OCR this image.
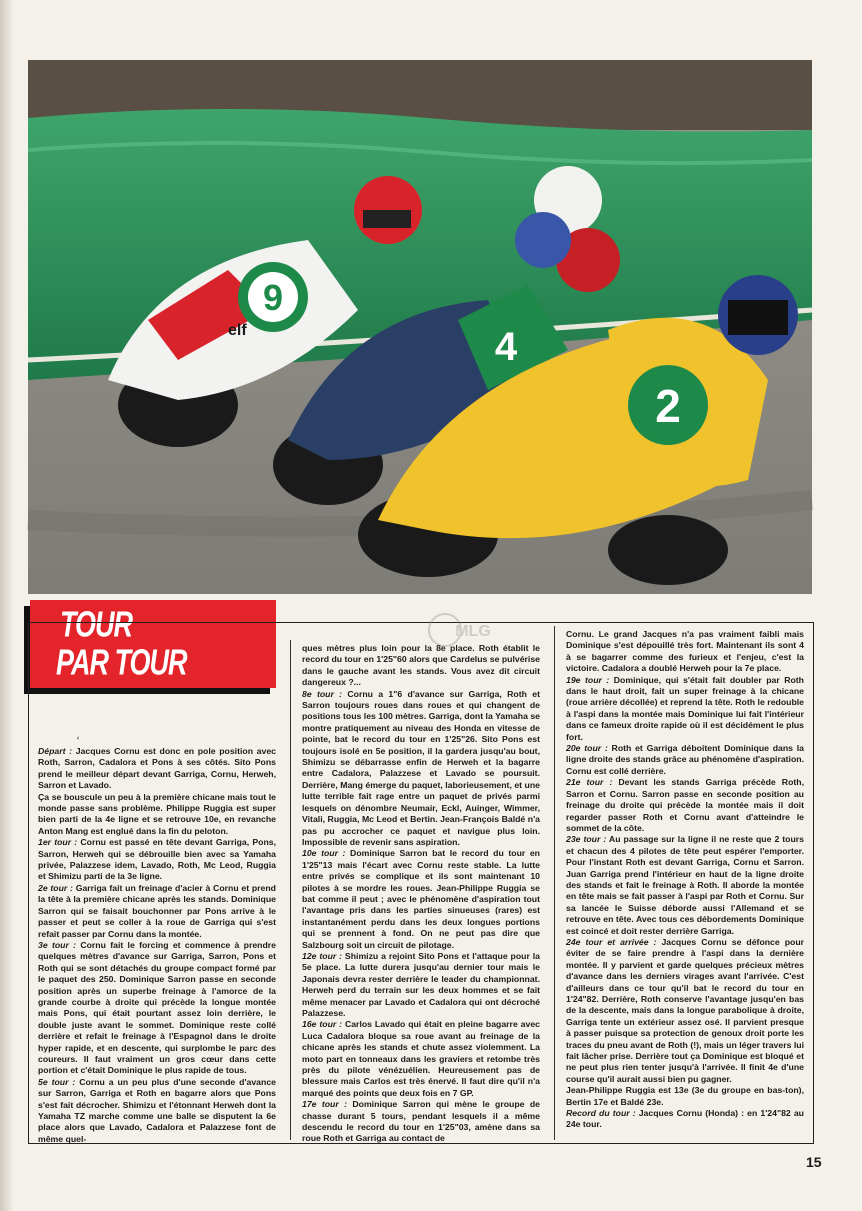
9
elf	4
2
TOUR
PAR TOUR
MLG
‘

Départ : Jacques Cornu est donc en pole position avec Roth, Sarron, Cadalora et Pons à ses côtés. Sito Pons prend le meilleur départ devant Garriga, Cornu, Herweh, Sarron et Lavado.

Ça se bouscule un peu à la première chicane mais tout le monde passe sans problème. Philippe Ruggia est super bien parti de la 4e ligne et se retrouve 10e, en revanche Anton Mang est englué dans la fin du peloton.

1er tour : Cornu est passé en tête devant Garriga, Pons, Sarron, Herweh qui se débrouille bien avec sa Yamaha privée, Palazzese idem, Lavado, Roth, Mc Leod, Ruggia et Shimizu parti de la 3e ligne.

2e tour : Garriga fait un freinage d'acier à Cornu et prend la tête à la première chicane après les stands. Dominique Sarron qui se faisait bouchonner par Pons arrive à le passer et peut se coller à la roue de Garriga qui s'est refait passer par Cornu dans la montée.

3e tour : Cornu fait le forcing et commence à prendre quelques mètres d'avance sur Garriga, Sarron, Pons et Roth qui se sont détachés du groupe compact formé par le paquet des 250. Dominique Sarron passe en seconde position après un superbe freinage à l'amorce de la grande courbe à droite qui précède la longue montée mais Pons, qui était pourtant assez loin derrière, le double juste avant le sommet. Dominique reste collé derrière et refait le freinage à l'Espagnol dans le droite hyper rapide, et en descente, qui surplombe le parc des coureurs. Il faut vraiment un gros cœur dans cette portion et c'était Dominique le plus rapide de tous.

5e tour : Cornu a un peu plus d'une seconde d'avance sur Sarron, Garriga et Roth en bagarre alors que Pons s'est fait décrocher. Shimizu et l'étonnant Herweh dont la Yamaha TZ marche comme une balle se disputent la 6e place alors que Lavado, Cadalora et Palazzese font de même quel-

ques mètres plus loin pour la 8e place. Roth établit le record du tour en 1'25"60 alors que Cardelus se pulvérise dans le gauche avant les stands. Vous avez dit circuit dangereux ?...

8e tour : Cornu a 1"6 d'avance sur Garriga, Roth et Sarron toujours roues dans roues et qui changent de positions tous les 100 mètres. Garriga, dont la Yamaha se montre pratiquement au niveau des Honda en vitesse de pointe, bat le record du tour en 1'25"26. Sito Pons est toujours isolé en 5e position, il la gardera jusqu'au bout, Shimizu se débarrasse enfin de Herweh et la bagarre entre Cadalora, Palazzese et Lavado se poursuit. Derrière, Mang émerge du paquet, laborieusement, et une lutte terrible fait rage entre un paquet de privés parmi lesquels on dénombre Neumair, Eckl, Auinger, Wimmer, Vitali, Ruggia, Mc Leod et Bertin. Jean-François Baldé n'a pas pu accrocher ce paquet et navigue plus loin. Impossible de revenir sans aspiration.

10e tour : Dominique Sarron bat le record du tour en 1'25"13 mais l'écart avec Cornu reste stable. La lutte entre privés se complique et ils sont maintenant 10 pilotes à se mordre les roues. Jean-Philippe Ruggia se bat comme il peut ; avec le phénomène d'aspiration tout l'avantage pris dans les parties sinueuses (rares) est instantanément perdu dans les deux longues portions qui se prennent à fond. On ne peut pas dire que Salzbourg soit un circuit de pilotage.

12e tour : Shimizu a rejoint Sito Pons et l'attaque pour la 5e place. La lutte durera jusqu'au dernier tour mais le Japonais devra rester derrière le leader du championnat. Herweh perd du terrain sur les deux hommes et se fait même menacer par Lavado et Cadalora qui ont décroché Palazzese.

16e tour : Carlos Lavado qui était en pleine bagarre avec Luca Cadalora bloque sa roue avant au freinage de la chicane après les stands et chute assez violemment. La moto part en tonneaux dans les graviers et retombe très près du pilote vénézuélien. Heureusement pas de blessure mais Carlos est très énervé. Il faut dire qu'il n'a marqué des points que deux fois en 7 GP.

17e tour : Dominique Sarron qui mène le groupe de chasse durant 5 tours, pendant lesquels il a même descendu le record du tour en 1'25"03, amène dans sa roue Roth et Garriga au contact de

Cornu. Le grand Jacques n'a pas vraiment faibli mais Dominique s'est dépouillé très fort. Maintenant ils sont 4 à se bagarrer comme des furieux et l'enjeu, c'est la victoire. Cadalora a doublé Herweh pour la 7e place.

19e tour : Dominique, qui s'était fait doubler par Roth dans le haut droit, fait un super freinage à la chicane (roue arrière décollée) et reprend la tête. Roth le redouble à l'aspi dans la montée mais Dominique lui fait l'intérieur dans ce fameux droite rapide où il est décidément le plus fort.

20e tour : Roth et Garriga déboitent Dominique dans la ligne droite des stands grâce au phénomène d'aspiration. Cornu est collé derrière.

21e tour : Devant les stands Garriga précède Roth, Sarron et Cornu. Sarron passe en seconde position au freinage du droite qui précède la montée mais il doit regarder passer Roth et Cornu avant d'atteindre le sommet de la côte.

23e tour : Au passage sur la ligne il ne reste que 2 tours et chacun des 4 pilotes de tête peut espérer l'emporter. Pour l'instant Roth est devant Garriga, Cornu et Sarron. Juan Garriga prend l'intérieur en haut de la ligne droite des stands et fait le freinage à Roth. Il aborde la montée en tête mais se fait passer à l'aspi par Roth et Cornu. Sur sa lancée le Suisse déborde aussi l'Allemand et se retrouve en tête. Avec tous ces débordements Dominique est coincé et doit rester derrière Garriga.

24e tour et arrivée : Jacques Cornu se défonce pour éviter de se faire prendre à l'aspi dans la dernière montée. Il y parvient et garde quelques précieux mètres d'avance dans les derniers virages avant l'arrivée. C'est d'ailleurs dans ce tour qu'il bat le record du tour en 1'24"82. Derrière, Roth conserve l'avantage jusqu'en bas de la descente, mais dans la longue parabolique à droite, Garriga tente un extérieur assez osé. Il parvient presque à passer puisque sa protection de genoux droit porte les traces du pneu avant de Roth (!), mais un léger travers lui fait lâcher prise. Derrière tout ça Dominique est bloqué et ne peut plus rien tenter jusqu'à l'arrivée. Il finit 4e d'une course qu'il aurait aussi bien pu gagner.

Jean-Philippe Ruggia est 13e (3e du groupe en bas-ton), Bertin 17e et Baldé 23e.

Record du tour : Jacques Cornu (Honda) : en 1'24"82 au 24e tour.

15
